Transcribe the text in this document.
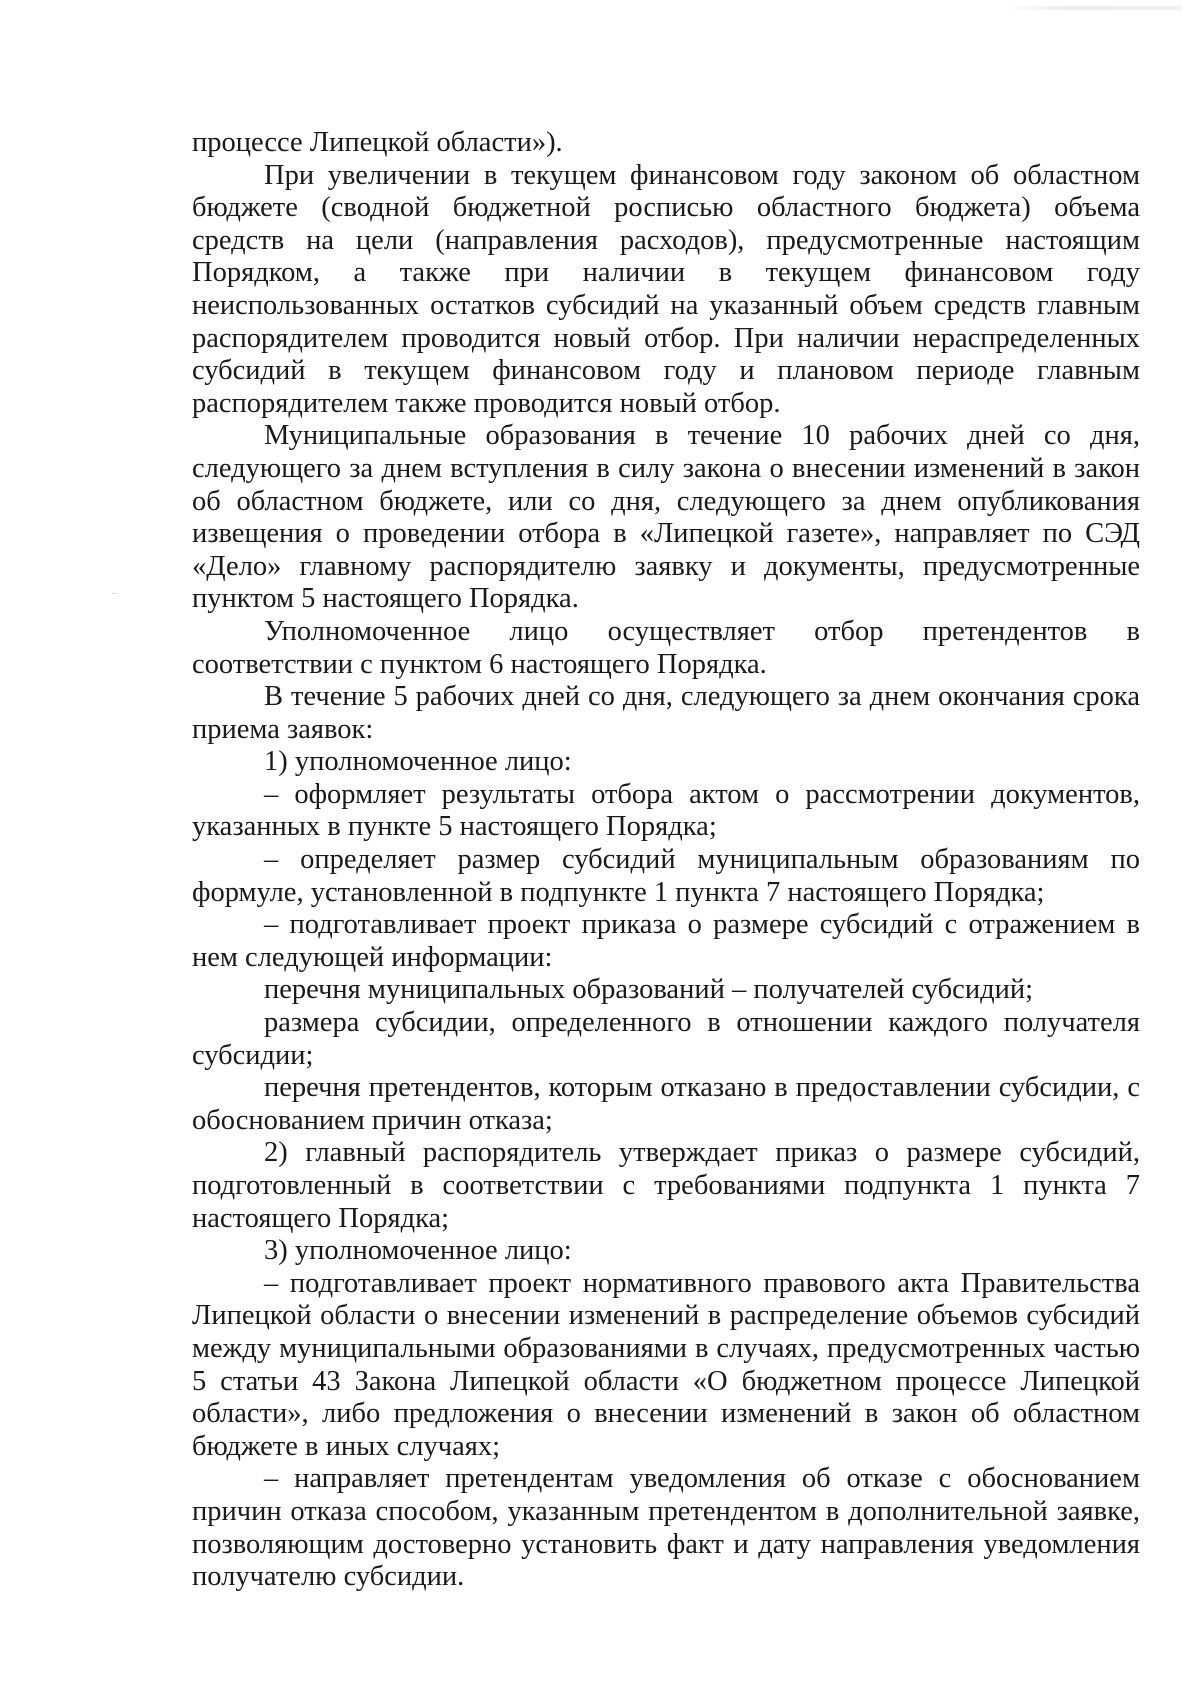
процессе Липецкой области»).

При увеличении в текущем финансовом году законом об областном бюджете (сводной бюджетной росписью областного бюджета) объема средств на цели (направления расходов), предусмотренные настоящим Порядком, а также при наличии в текущем финансовом году неиспользованных остатков субсидий на указанный объем средств главным распорядителем проводится новый отбор. При наличии нераспределенных субсидий в текущем финансовом году и плановом периоде главным распорядителем также проводится новый отбор.

Муниципальные образования в течение 10 рабочих дней со дня, следующего за днем вступления в силу закона о внесении изменений в закон об областном бюджете, или со дня, следующего за днем опубликования извещения о проведении отбора в «Липецкой газете», направляет по СЭД «Дело» главному распорядителю заявку и документы, предусмотренные пунктом 5 настоящего Порядка.

Уполномоченное лицо осуществляет отбор претендентов в соответствии с пунктом 6 настоящего Порядка.

В течение 5 рабочих дней со дня, следующего за днем окончания срока приема заявок:

1) уполномоченное лицо:

– оформляет результаты отбора актом о рассмотрении документов, указанных в пункте 5 настоящего Порядка;

– определяет размер субсидий муниципальным образованиям по формуле, установленной в подпункте 1 пункта 7 настоящего Порядка;

– подготавливает проект приказа о размере субсидий с отражением в нем следующей информации:

перечня муниципальных образований – получателей субсидий;

размера субсидии, определенного в отношении каждого получателя субсидии;

перечня претендентов, которым отказано в предоставлении субсидии, с обоснованием причин отказа;

2) главный распорядитель утверждает приказ о размере субсидий, подготовленный в соответствии с требованиями подпункта 1 пункта 7 настоящего Порядка;

3) уполномоченное лицо:

– подготавливает проект нормативного правового акта Правительства Липецкой области о внесении изменений в распределение объемов субсидий между муниципальными образованиями в случаях, предусмотренных частью 5 статьи 43 Закона Липецкой области «О бюджетном процессе Липецкой области», либо предложения о внесении изменений в закон об областном бюджете в иных случаях;

– направляет претендентам уведомления об отказе с обоснованием причин отказа способом, указанным претендентом в дополнительной заявке, позволяющим достоверно установить факт и дату направления уведомления получателю субсидии.
